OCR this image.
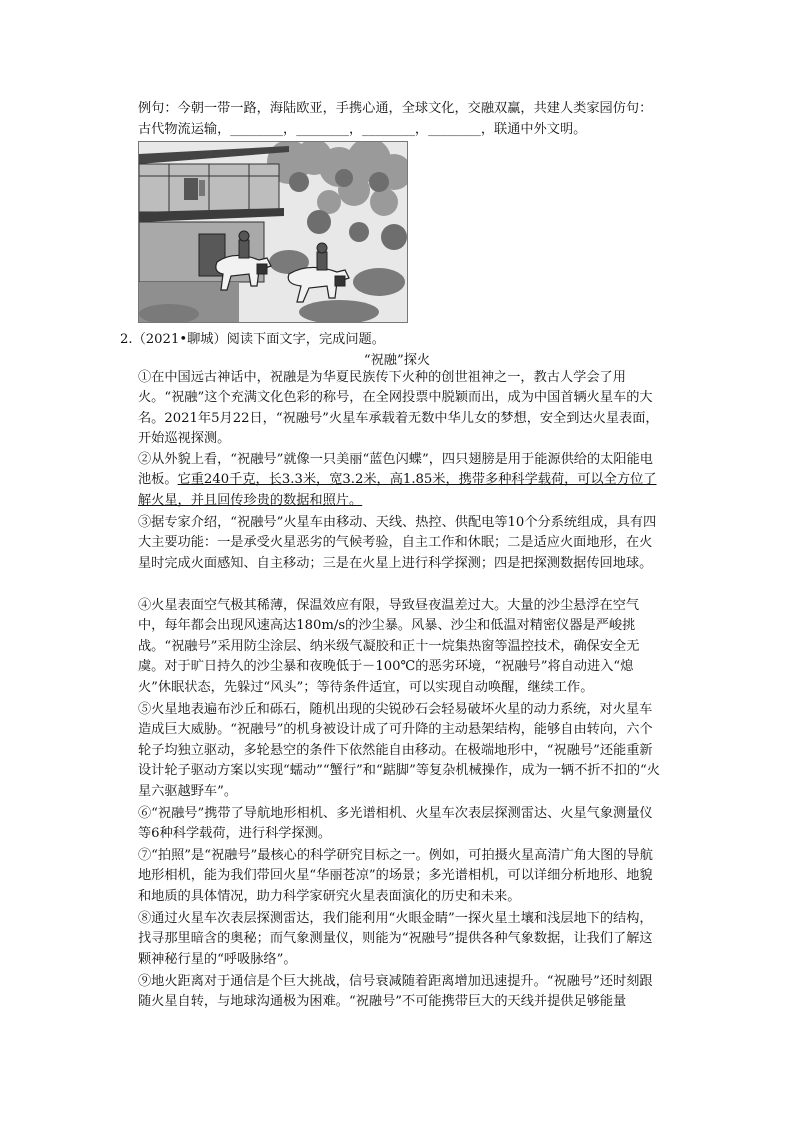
例句：今朝一带一路，海陆欧亚，手携心通，全球文化，交融双赢，共建人类家园仿句：
古代物流运输，________，________，________，________，联通中外文明。
2.（2021•聊城）阅读下面文字，完成问题。
“祝融”探火
①在中国远古神话中，祝融是为华夏民族传下火种的创世祖神之一，教古人学会了用火。“祝融”这个充满文化色彩的称号，在全网投票中脱颖而出，成为中国首辆火星车的大名。2021年5月22日，“祝融号”火星车承载着无数中华儿女的梦想，安全到达火星表面，开始巡视探测。
②从外貌上看，“祝融号”就像一只美丽“蓝色闪蝶”，四只翅膀是用于能源供给的太阳能电池板。它重240千克，长3.3米，宽3.2米，高1.85米，携带多种科学载荷，可以全方位了解火星，并且回传珍贵的数据和照片。
③据专家介绍，“祝融号”火星车由移动、天线、热控、供配电等10个分系统组成，具有四大主要功能：一是承受火星恶劣的气候考验，自主工作和休眠；二是适应火面地形，在火星时完成火面感知、自主移动；三是在火星上进行科学探测；四是把探测数据传回地球。
④火星表面空气极其稀薄，保温效应有限，导致昼夜温差过大。大量的沙尘悬浮在空气中，每年都会出现风速高达180m/s的沙尘暴。风暴、沙尘和低温对精密仪器是严峻挑战。“祝融号”采用防尘涂层、纳米级气凝胶和正十一烷集热窗等温控技术，确保安全无虞。对于旷日持久的沙尘暴和夜晚低于－100℃的恶劣环境，“祝融号”将自动进入“熄火”休眠状态，先躲过“风头”；等待条件适宜，可以实现自动唤醒，继续工作。
⑤火星地表遍布沙丘和砾石，随机出现的尖锐砂石会轻易破坏火星的动力系统，对火星车造成巨大威胁。“祝融号”的机身被设计成了可升降的主动悬架结构，能够自由转向，六个轮子均独立驱动，多轮悬空的条件下依然能自由移动。在极端地形中，“祝融号”还能重新设计轮子驱动方案以实现“蠕动”“蟹行”和“踮脚”等复杂机械操作，成为一辆不折不扣的“火星六驱越野车”。
⑥“祝融号”携带了导航地形相机、多光谱相机、火星车次表层探测雷达、火星气象测量仪等6种科学载荷，进行科学探测。
⑦“拍照”是“祝融号”最核心的科学研究目标之一。例如，可拍摄火星高清广角大图的导航地形相机，能为我们带回火星“华丽苍凉”的场景；多光谱相机，可以详细分析地形、地貌和地质的具体情况，助力科学家研究火星表面演化的历史和未来。
⑧通过火星车次表层探测雷达，我们能利用“火眼金睛”一探火星土壤和浅层地下的结构，找寻那里暗含的奥秘；而气象测量仪，则能为“祝融号”提供各种气象数据，让我们了解这颗神秘行星的“呼吸脉络”。
⑨地火距离对于通信是个巨大挑战，信号衰减随着距离增加迅速提升。“祝融号”还时刻跟随火星自转，与地球沟通极为困难。“祝融号”不可能携带巨大的天线并提供足够能量
